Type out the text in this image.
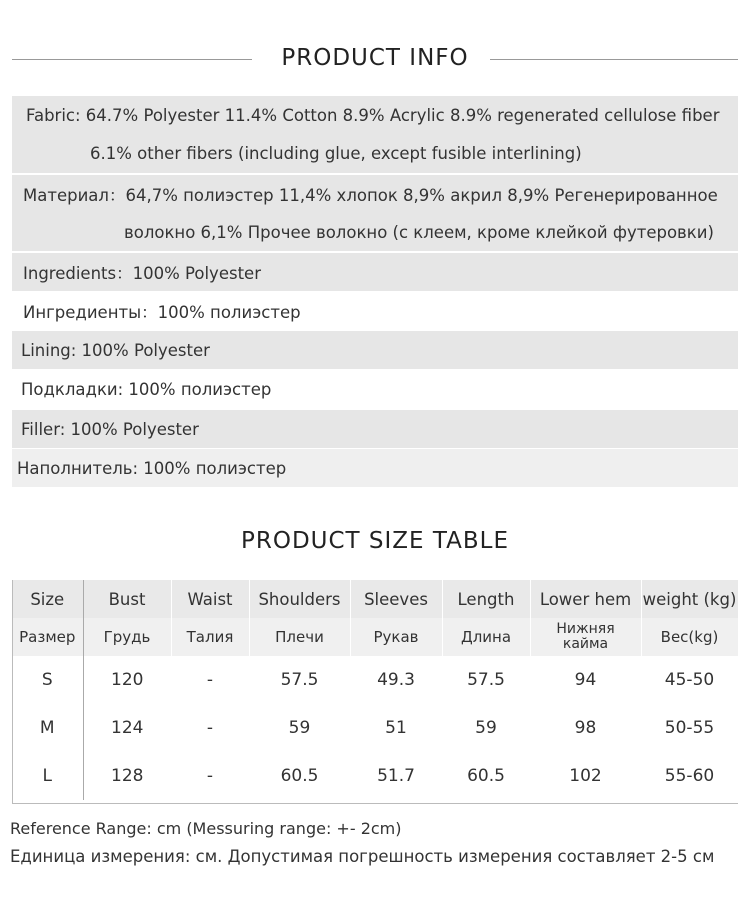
PRODUCT INFO
Fabric: 64.7% Polyester 11.4% Cotton 8.9% Acrylic 8.9% regenerated cellulose fiber
6.1% other fibers (including glue, except fusible interlining)
Материал：64,7% полиэстер 11,4% хлопок 8,9% акрил 8,9% Регенерированное
волокно 6,1% Прочее волокно (с клеем, кроме клейкой футеровки)
Ingredients：100% Polyester
Ингредиенты：100% полиэстер
Lining: 100% Polyester
Подкладки: 100% полиэстер
Filler: 100% Polyester
Наполнитель: 100% полиэстер
PRODUCT SIZE TABLE
Size	Bust	Waist	Shoulders	Sleeves	Length	Lower hem	weight (kg)
Размер	Грудь	Талия	Плечи	Рукав	Длина	Нижняя кайма	Вес(kg)
S	120	-	57.5	49.3	57.5	94	45-50
M	124	-	59	51	59	98	50-55
L	128	-	60.5	51.7	60.5	102	55-60
Reference Range: cm (Messuring range: +- 2cm)
Единица измерения: см. Допустимая погрешность измерения составляет 2-5 см
